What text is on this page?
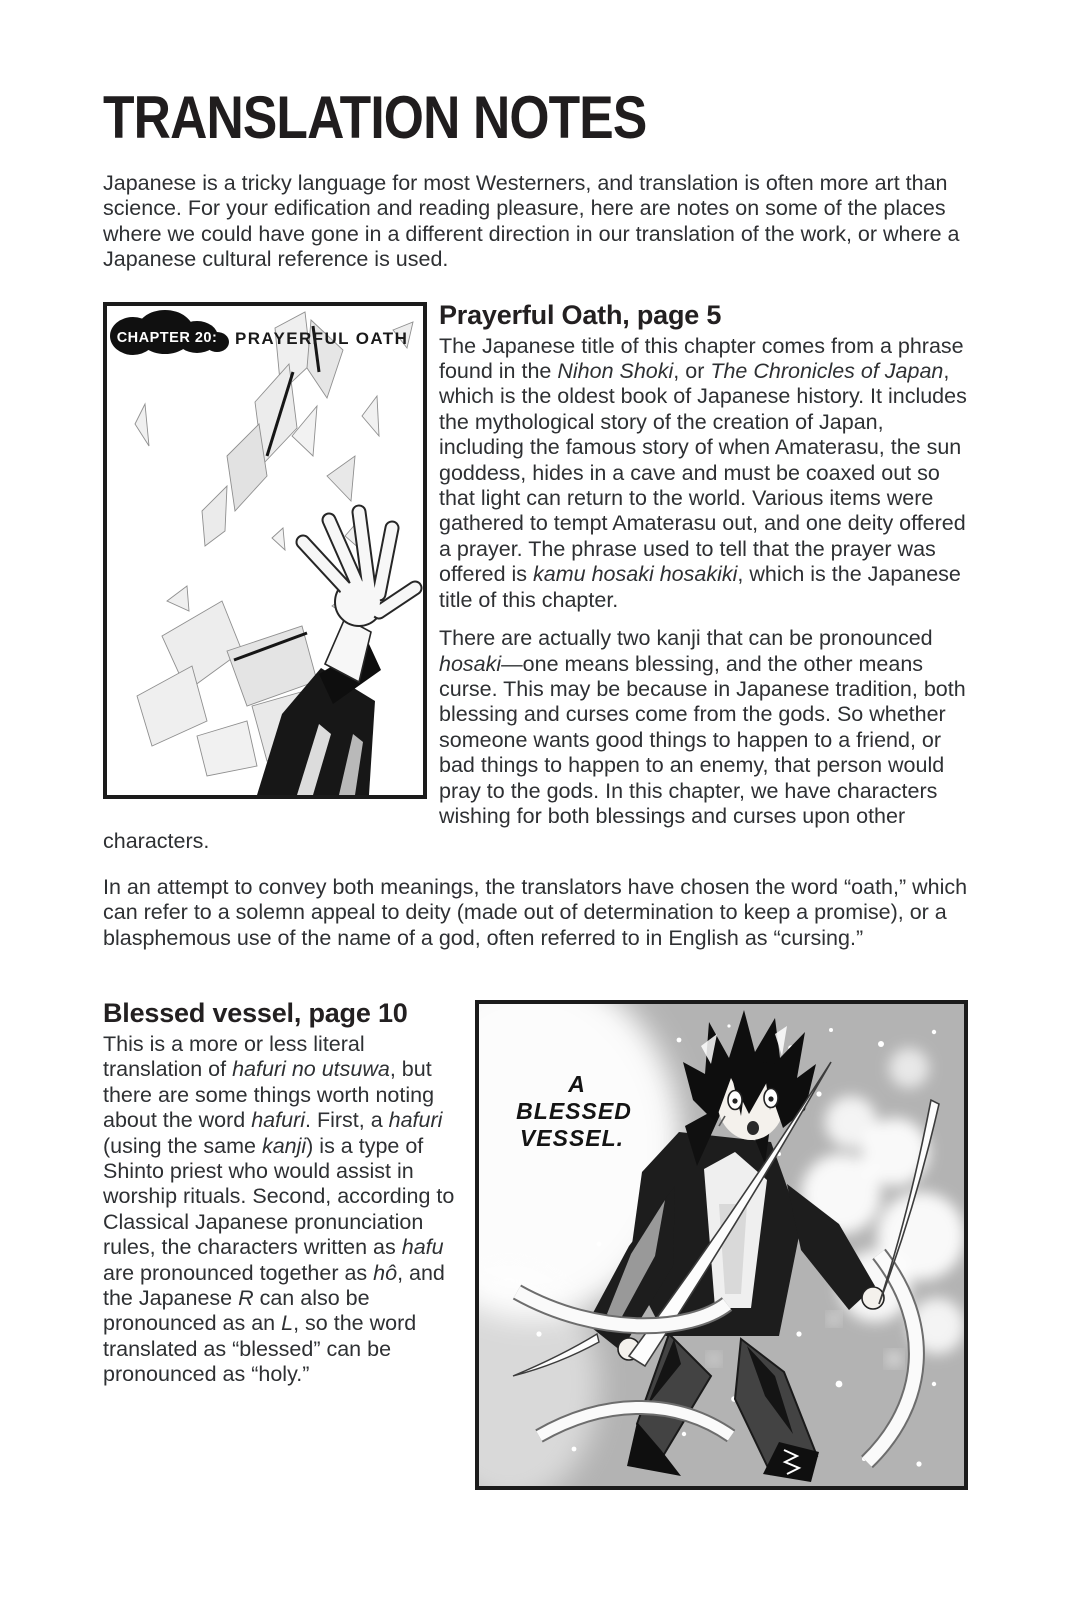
TRANSLATION NOTES

Japanese is a tricky language for most Westerners, and translation is often more art than science. For your edification and reading pleasure, here are notes on some of the places where we could have gone in a different direction in our translation of the work, or where a Japanese cultural reference is used.

CHAPTER 20: PRAYERFUL OATH
Prayerful Oath, page 5

The Japanese title of this chapter comes from a phrase found in the Nihon Shoki, or The Chronicles of Japan, which is the oldest book of Japanese history. It includes the mythological story of the creation of Japan, including the famous story of when Amaterasu, the sun goddess, hides in a cave and must be coaxed out so that light can return to the world. Various items were gathered to tempt Amaterasu out, and one deity offered a prayer. The phrase used to tell that the prayer was offered is kamu hosaki hosakiki, which is the Japanese title of this chapter.

There are actually two kanji that can be pronounced hosaki—one means blessing, and the other means curse. This may be because in Japanese tradition, both blessing and curses come from the gods. So whether someone wants good things to happen to a friend, or bad things to happen to an enemy, that person would pray to the gods. In this chapter, we have characters wishing for both blessings and curses upon other characters.

In an attempt to convey both meanings, the translators have chosen the word “oath,” which can refer to a solemn appeal to deity (made out of determination to keep a promise), or a blasphemous use of the name of a god, often referred to in English as “cursing.”

A
BLESSED
VESSEL.
Blessed vessel, page 10

This is a more or less literal translation of hafuri no utsuwa, but there are some things worth noting about the word hafuri. First, a hafuri (using the same kanji) is a type of Shinto priest who would assist in worship rituals. Second, according to Classical Japanese pronunciation rules, the characters written as hafu are pronounced together as hô, and the Japanese R can also be pronounced as an L, so the word translated as “blessed” can be pronounced as “holy.”
